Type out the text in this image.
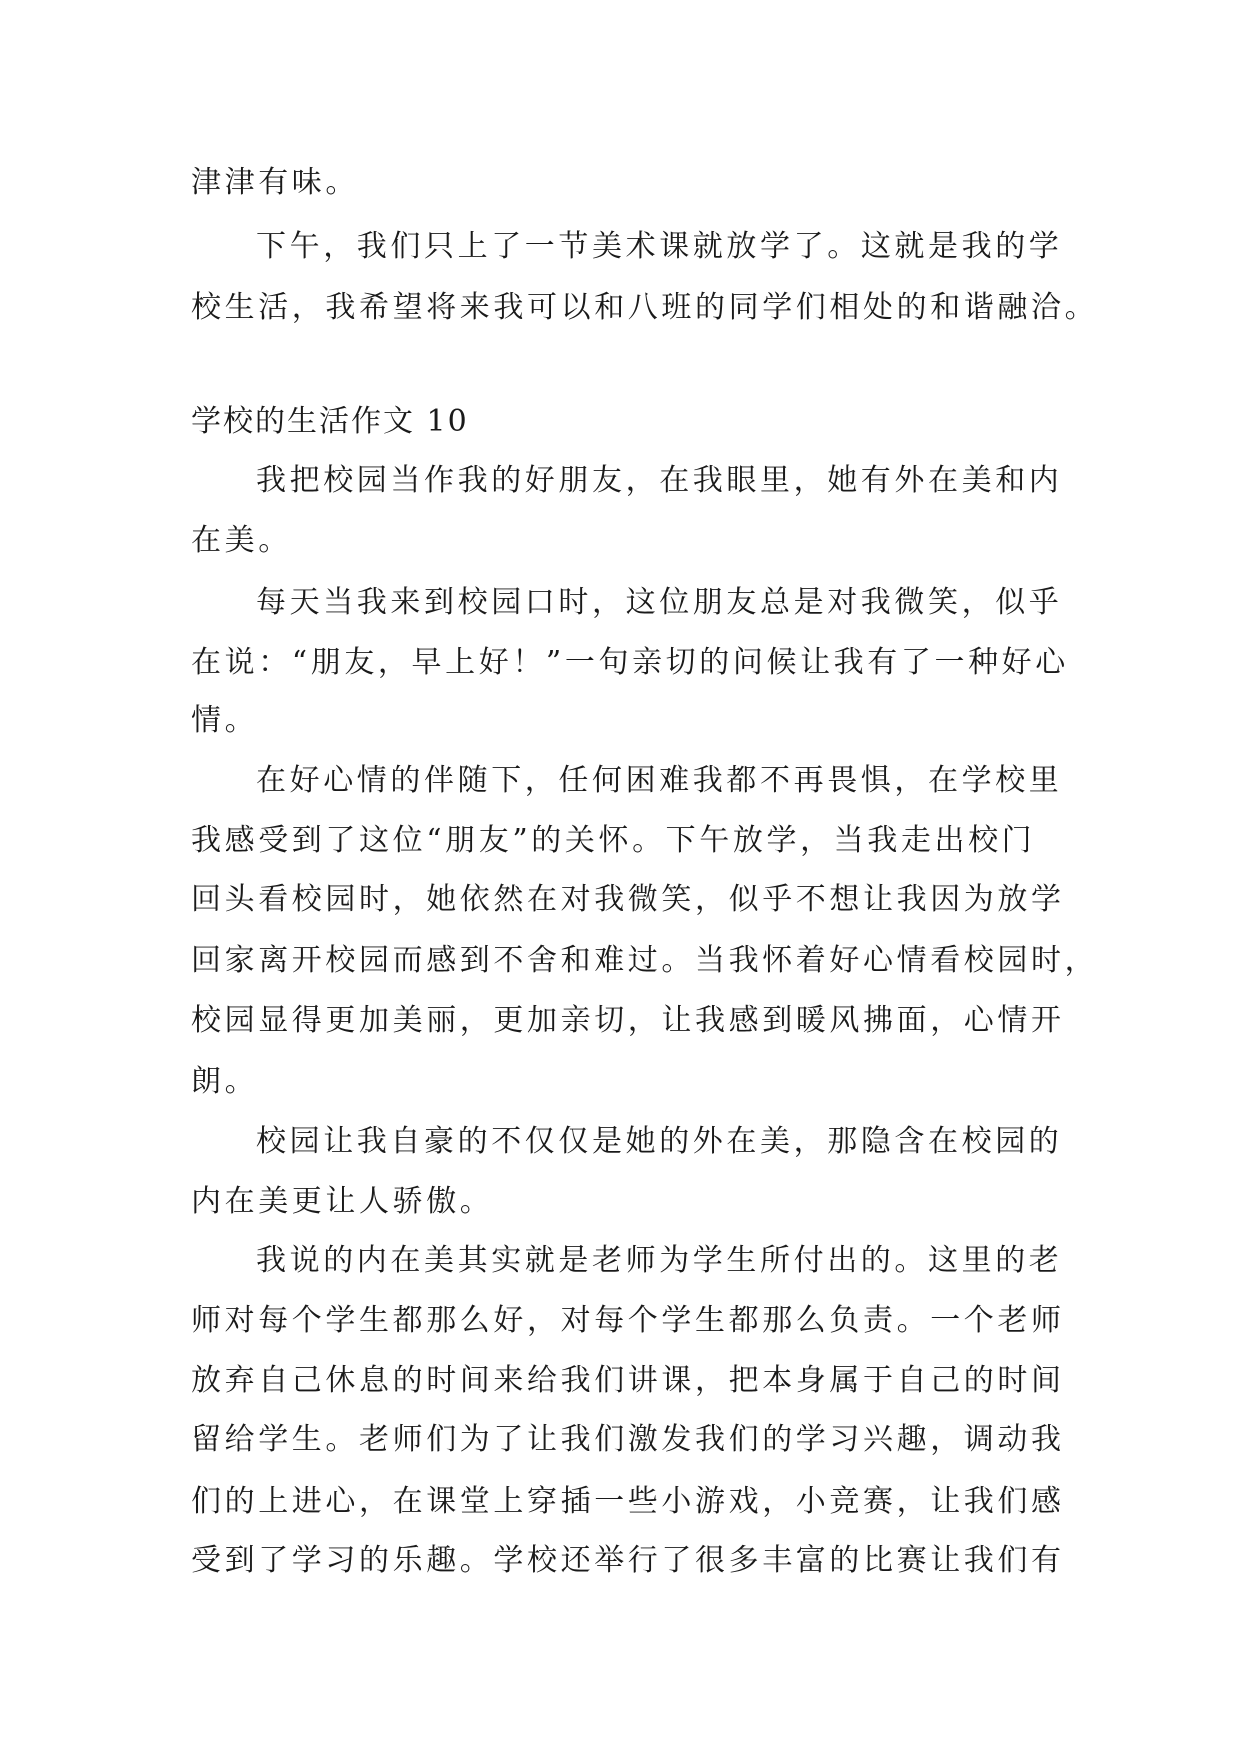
津津有味。
下午，我们只上了一节美术课就放学了。这就是我的学
校生活，我希望将来我可以和八班的同学们相处的和谐融洽。
学校的生活作文 10
我把校园当作我的好朋友，在我眼里，她有外在美和内
在美。
每天当我来到校园口时，这位朋友总是对我微笑，似乎
在说：“朋友，早上好！”一句亲切的问候让我有了一种好心
情。
在好心情的伴随下，任何困难我都不再畏惧，在学校里
我感受到了这位“朋友”的关怀。下午放学，当我走出校门
回头看校园时，她依然在对我微笑，似乎不想让我因为放学
回家离开校园而感到不舍和难过。当我怀着好心情看校园时，
校园显得更加美丽，更加亲切，让我感到暖风拂面，心情开
朗。
校园让我自豪的不仅仅是她的外在美，那隐含在校园的
内在美更让人骄傲。
我说的内在美其实就是老师为学生所付出的。这里的老
师对每个学生都那么好，对每个学生都那么负责。一个老师
放弃自己休息的时间来给我们讲课，把本身属于自己的时间
留给学生。老师们为了让我们激发我们的学习兴趣，调动我
们的上进心，在课堂上穿插一些小游戏，小竞赛，让我们感
受到了学习的乐趣。学校还举行了很多丰富的比赛让我们有
